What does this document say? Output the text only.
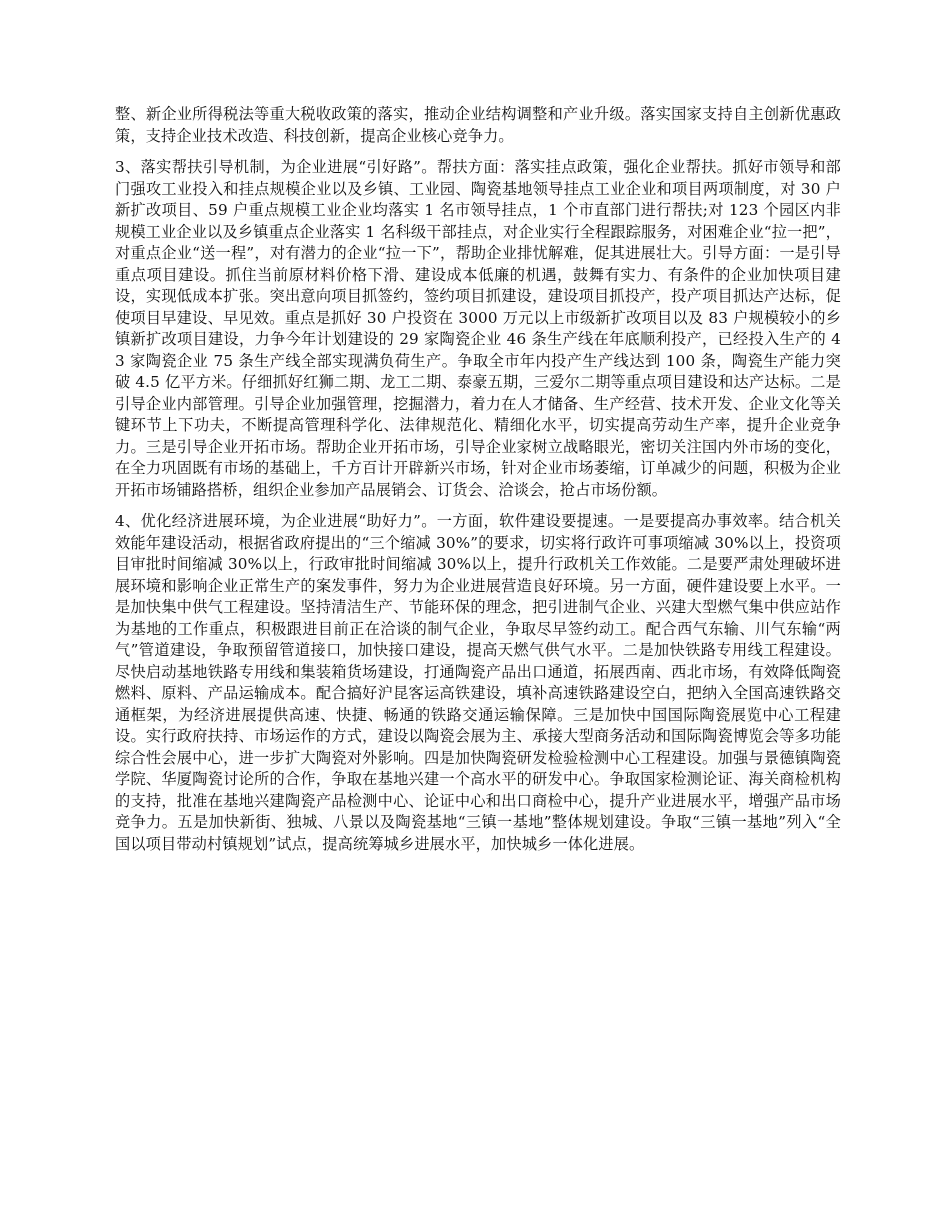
整、新企业所得税法等重大税收政策的落实，推动企业结构调整和产业升级。落实国家支持自主创新优惠政策，支持企业技术改造、科技创新，提高企业核心竞争力。

3、落实帮扶引导机制，为企业进展“引好路”。帮扶方面：落实挂点政策，强化企业帮扶。抓好市领导和部门强攻工业投入和挂点规模企业以及乡镇、工业园、陶瓷基地领导挂点工业企业和项目两项制度，对 30 户新扩改项目、59 户重点规模工业企业均落实 1 名市领导挂点，1 个市直部门进行帮扶;对 123 个园区内非规模工业企业以及乡镇重点企业落实 1 名科级干部挂点，对企业实行全程跟踪服务，对困难企业“拉一把”，对重点企业“送一程”，对有潜力的企业“拉一下”，帮助企业排忧解难，促其进展壮大。引导方面：一是引导重点项目建设。抓住当前原材料价格下滑、建设成本低廉的机遇，鼓舞有实力、有条件的企业加快项目建设，实现低成本扩张。突出意向项目抓签约，签约项目抓建设，建设项目抓投产，投产项目抓达产达标，促使项目早建设、早见效。重点是抓好 30 户投资在 3000 万元以上市级新扩改项目以及 83 户规模较小的乡镇新扩改项目建设，力争今年计划建设的 29 家陶瓷企业 46 条生产线在年底顺利投产，已经投入生产的 43 家陶瓷企业 75 条生产线全部实现满负荷生产。争取全市年内投产生产线达到 100 条，陶瓷生产能力突破 4.5 亿平方米。仔细抓好红狮二期、龙工二期、泰豪五期，三爱尔二期等重点项目建设和达产达标。二是引导企业内部管理。引导企业加强管理，挖掘潜力，着力在人才储备、生产经营、技术开发、企业文化等关键环节上下功夫，不断提高管理科学化、法律规范化、精细化水平，切实提高劳动生产率，提升企业竞争力。三是引导企业开拓市场。帮助企业开拓市场，引导企业家树立战略眼光，密切关注国内外市场的变化，在全力巩固既有市场的基础上，千方百计开辟新兴市场，针对企业市场萎缩，订单减少的问题，积极为企业开拓市场铺路搭桥，组织企业参加产品展销会、订货会、洽谈会，抢占市场份额。

4、优化经济进展环境，为企业进展“助好力”。一方面，软件建设要提速。一是要提高办事效率。结合机关效能年建设活动，根据省政府提出的“三个缩减 30%”的要求，切实将行政许可事项缩减 30%以上，投资项目审批时间缩减 30%以上，行政审批时间缩减 30%以上，提升行政机关工作效能。二是要严肃处理破坏进展环境和影响企业正常生产的案发事件，努力为企业进展营造良好环境。另一方面，硬件建设要上水平。一是加快集中供气工程建设。坚持清洁生产、节能环保的理念，把引进制气企业、兴建大型燃气集中供应站作为基地的工作重点，积极跟进目前正在洽谈的制气企业，争取尽早签约动工。配合西气东输、川气东输“两气”管道建设，争取预留管道接口，加快接口建设，提高天燃气供气水平。二是加快铁路专用线工程建设。尽快启动基地铁路专用线和集装箱货场建设，打通陶瓷产品出口通道，拓展西南、西北市场，有效降低陶瓷燃料、原料、产品运输成本。配合搞好沪昆客运高铁建设，填补高速铁路建设空白，把纳入全国高速铁路交通框架，为经济进展提供高速、快捷、畅通的铁路交通运输保障。三是加快中国国际陶瓷展览中心工程建设。实行政府扶持、市场运作的方式，建设以陶瓷会展为主、承接大型商务活动和国际陶瓷博览会等多功能综合性会展中心，进一步扩大陶瓷对外影响。四是加快陶瓷研发检验检测中心工程建设。加强与景德镇陶瓷学院、华厦陶瓷讨论所的合作，争取在基地兴建一个高水平的研发中心。争取国家检测论证、海关商检机构的支持，批准在基地兴建陶瓷产品检测中心、论证中心和出口商检中心，提升产业进展水平，增强产品市场竞争力。五是加快新街、独城、八景以及陶瓷基地“三镇一基地”整体规划建设。争取“三镇一基地”列入“全国以项目带动村镇规划”试点，提高统筹城乡进展水平，加快城乡一体化进展。
